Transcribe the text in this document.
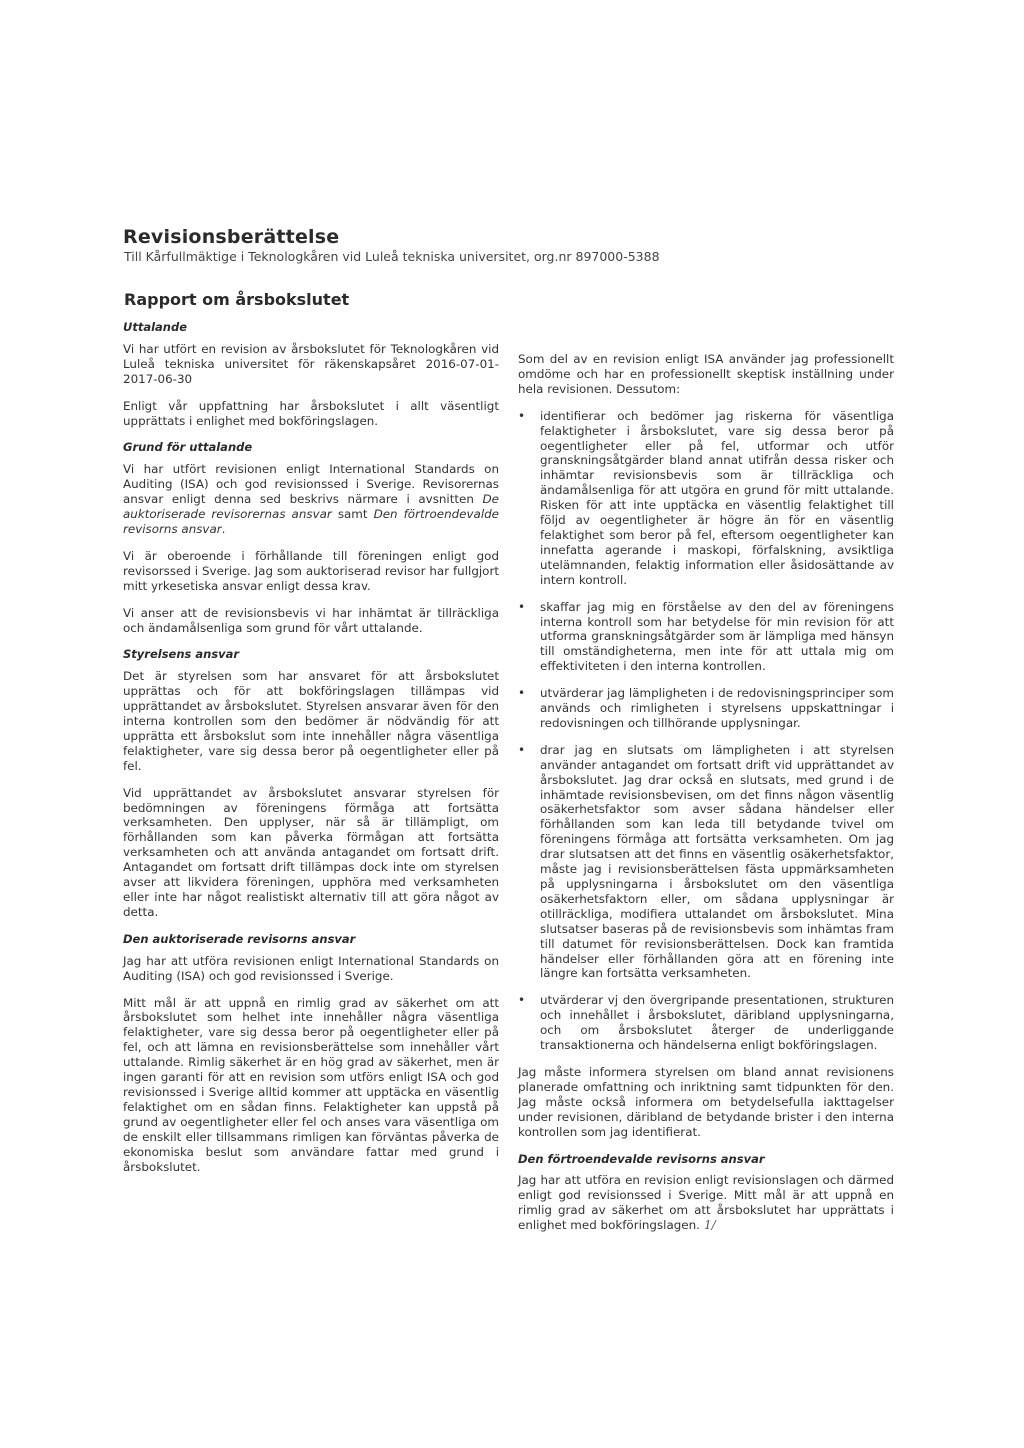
Revisionsberättelse
Till Kårfullmäktige i Teknologkåren vid Luleå tekniska universitet, org.nr 897000-5388
Rapport om årsbokslutet
Uttalande

Vi har utfört en revision av årsbokslutet för Teknologkåren vid Luleå tekniska universitet för räkenskapsåret 2016-07-01-2017-06-30

Enligt vår uppfattning har årsbokslutet i allt väsentligt upprättats i enlighet med bokföringslagen.

Grund för uttalande

Vi har utfört revisionen enligt International Standards on Auditing (ISA) och god revisionssed i Sverige. Revisorernas ansvar enligt denna sed beskrivs närmare i avsnitten De auktoriserade revisorernas ansvar samt Den förtroendevalde revisorns ansvar.

Vi är oberoende i förhållande till föreningen enligt god revisorssed i Sverige. Jag som auktoriserad revisor har fullgjort mitt yrkesetiska ansvar enligt dessa krav.

Vi anser att de revisionsbevis vi har inhämtat är tillräckliga och ändamålsenliga som grund för vårt uttalande.

Styrelsens ansvar

Det är styrelsen som har ansvaret för att årsbokslutet upprättas och för att bokföringslagen tillämpas vid upprättandet av årsbokslutet. Styrelsen ansvarar även för den interna kontrollen som den bedömer är nödvändig för att upprätta ett årsbokslut som inte innehåller några väsentliga felaktigheter, vare sig dessa beror på oegentligheter eller på fel.

Vid upprättandet av årsbokslutet ansvarar styrelsen för bedömningen av föreningens förmåga att fortsätta verksamheten. Den upplyser, när så är tillämpligt, om förhållanden som kan påverka förmågan att fortsätta verksamheten och att använda antagandet om fortsatt drift. Antagandet om fortsatt drift tillämpas dock inte om styrelsen avser att likvidera föreningen, upphöra med verksamheten eller inte har något realistiskt alternativ till att göra något av detta.

Den auktoriserade revisorns ansvar

Jag har att utföra revisionen enligt International Standards on Auditing (ISA) och god revisionssed i Sverige.

Mitt mål är att uppnå en rimlig grad av säkerhet om att årsbokslutet som helhet inte innehåller några väsentliga felaktigheter, vare sig dessa beror på oegentligheter eller på fel, och att lämna en revisionsberättelse som innehåller vårt uttalande. Rimlig säkerhet är en hög grad av säkerhet, men är ingen garanti för att en revision som utförs enligt ISA och god revisionssed i Sverige alltid kommer att upptäcka en väsentlig felaktighet om en sådan finns. Felaktigheter kan uppstå på grund av oegentligheter eller fel och anses vara väsentliga om de enskilt eller tillsammans rimligen kan förväntas påverka de ekonomiska beslut som användare fattar med grund i årsbokslutet.

Som del av en revision enligt ISA använder jag professionellt omdöme och har en professionellt skeptisk inställning under hela revisionen. Dessutom:

• identifierar och bedömer jag riskerna för väsentliga felaktigheter i årsbokslutet, vare sig dessa beror på oegentligheter eller på fel, utformar och utför granskningsåtgärder bland annat utifrån dessa risker och inhämtar revisionsbevis som är tillräckliga och ändamålsenliga för att utgöra en grund för mitt uttalande. Risken för att inte upptäcka en väsentlig felaktighet till följd av oegentligheter är högre än för en väsentlig felaktighet som beror på fel, eftersom oegentligheter kan innefatta agerande i maskopi, förfalskning, avsiktliga utelämnanden, felaktig information eller åsidosättande av intern kontroll.
• skaffar jag mig en förståelse av den del av föreningens interna kontroll som har betydelse för min revision för att utforma granskningsåtgärder som är lämpliga med hänsyn till omständigheterna, men inte för att uttala mig om effektiviteten i den interna kontrollen.
• utvärderar jag lämpligheten i de redovisningsprinciper som används och rimligheten i styrelsens uppskattningar i redovisningen och tillhörande upplysningar.
• drar jag en slutsats om lämpligheten i att styrelsen använder antagandet om fortsatt drift vid upprättandet av årsbokslutet. Jag drar också en slutsats, med grund i de inhämtade revisionsbevisen, om det finns någon väsentlig osäkerhetsfaktor som avser sådana händelser eller förhållanden som kan leda till betydande tvivel om föreningens förmåga att fortsätta verksamheten. Om jag drar slutsatsen att det finns en väsentlig osäkerhetsfaktor, måste jag i revisionsberättelsen fästa uppmärksamheten på upplysningarna i årsbokslutet om den väsentliga osäkerhetsfaktorn eller, om sådana upplysningar är otillräckliga, modifiera uttalandet om årsbokslutet. Mina slutsatser baseras på de revisionsbevis som inhämtas fram till datumet för revisionsberättelsen. Dock kan framtida händelser eller förhållanden göra att en förening inte längre kan fortsätta verksamheten.
• utvärderar vj den övergripande presentationen, strukturen och innehållet i årsbokslutet, däribland upplysningarna, och om årsbokslutet återger de underliggande transaktionerna och händelserna enligt bokföringslagen.

Jag måste informera styrelsen om bland annat revisionens planerade omfattning och inriktning samt tidpunkten för den. Jag måste också informera om betydelsefulla iakttagelser under revisionen, däribland de betydande brister i den interna kontrollen som jag identifierat.

Den förtroendevalde revisorns ansvar

Jag har att utföra en revision enligt revisionslagen och därmed enligt god revisionssed i Sverige. Mitt mål är att uppnå en rimlig grad av säkerhet om att årsbokslutet har upprättats i enlighet med bokföringslagen. 1/
